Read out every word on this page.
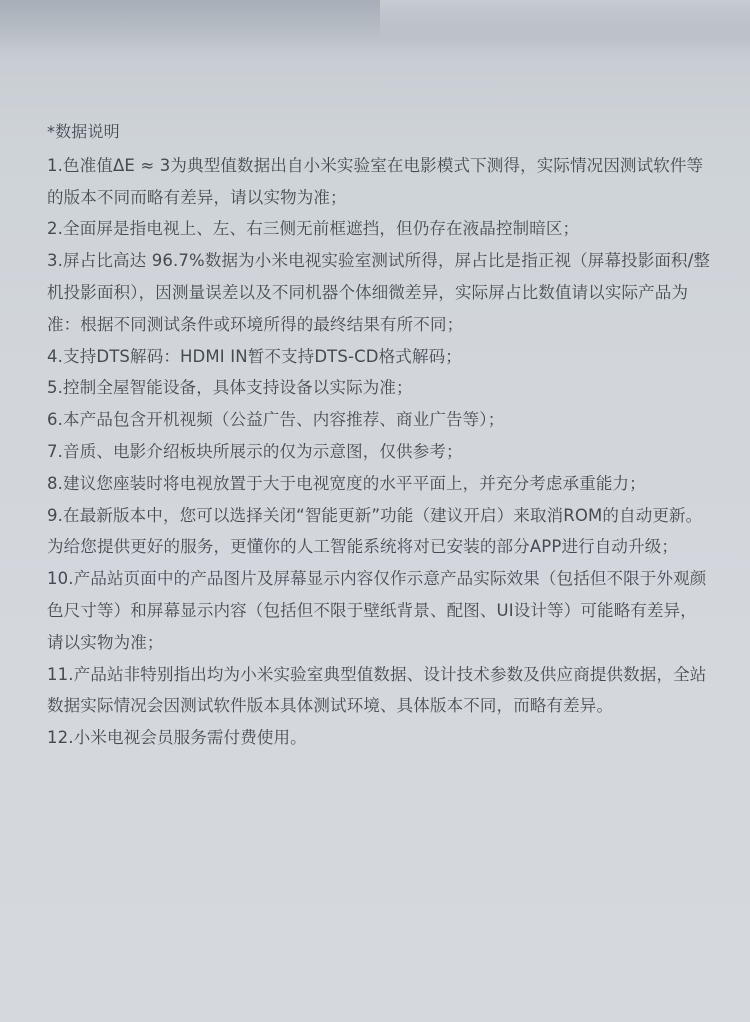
*数据说明
1.色准值ΔE ≈ 3为典型值数据出自小米实验室在电影模式下测得，实际情况因测试软件等的版本不同而略有差异，请以实物为准；
2.全面屏是指电视上、左、右三侧无前框遮挡，但仍存在液晶控制暗区；
3.屏占比高达 96.7%数据为小米电视实验室测试所得，屏占比是指正视（屏幕投影面积/整机投影面积），因测量误差以及不同机器个体细微差异，实际屏占比数值请以实际产品为准：根据不同测试条件或环境所得的最终结果有所不同；
4.支持DTS解码：HDMI IN暂不支持DTS-CD格式解码；
5.控制全屋智能设备，具体支持设备以实际为准；
6.本产品包含开机视频（公益广告、内容推荐、商业广告等）；
7.音质、电影介绍板块所展示的仅为示意图，仅供参考；
8.建议您座装时将电视放置于大于电视宽度的水平平面上，并充分考虑承重能力；
9.在最新版本中，您可以选择关闭“智能更新”功能（建议开启）来取消ROM的自动更新。为给您提供更好的服务，更懂你的人工智能系统将对已安装的部分APP进行自动升级；
10.产品站页面中的产品图片及屏幕显示内容仅作示意产品实际效果（包括但不限于外观颜色尺寸等）和屏幕显示内容（包括但不限于壁纸背景、配图、UI设计等）可能略有差异，请以实物为准；
11.产品站非特别指出均为小米实验室典型值数据、设计技术参数及供应商提供数据，全站数据实际情况会因测试软件版本具体测试环境、具体版本不同，而略有差异。
12.小米电视会员服务需付费使用。
